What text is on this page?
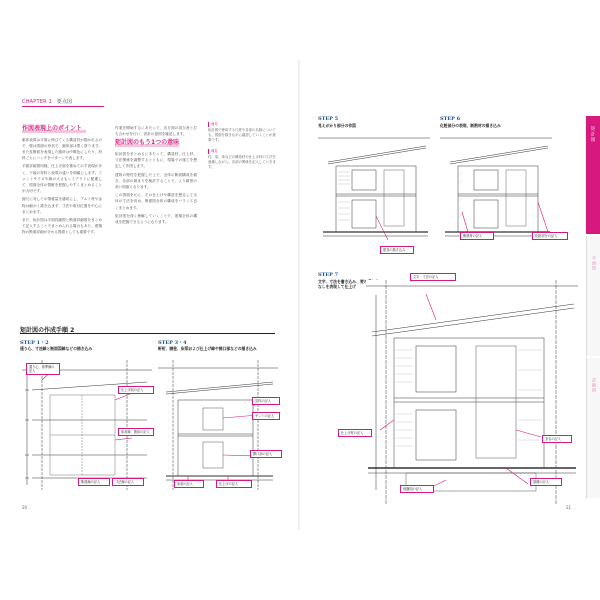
CHAPTER 1 要点図
作図表現上のポイント

躯体表現は平面に伸びてくる構造材が描かれるので、壁は図面の形状で、躯体部は黒く塗ります。また柱断面を表現した箇所は中間色にしたり、材料ごとにハッチをパターンで表します。

平面詳細図同様、仕上げ面を重ねて示す表現が多く、下地の材料と表現の違いを明確にします。フォントサイズや線の太さもレイアウトに配慮して、図面全体の情報を把握しやすくまとめることが大切です。

縮尺に対しての情報量を適切にし、アルミ材や金物は細かく描き込まず、寸法や取付位置を中心にまとめます。

また、矩計図は平面詳細図と断面詳細図をまとめて記入することでまとめられる場合もあり、建築物の断面詳細が分かる図面としても重要です。

作業を開始するにあたって、各方面の担当者と打ち合わせを行い、設計の意図を確認します。

矩計図のもう1つの意味

矩計図をまとめるにあたって、構造材、仕上材、寸法関係を調整するとともに、現場での施工を想定して作図します。

建物の特性を把握した上で、全体の断面構成を描き、各部の納まりを検討することで、より精度の高い図面となります。

この図面を元に、その仕上げや構造を想定して全体の寸法を決め、断面図全体の構成をバランス良くまとめます。

矩計図を深く理解していくことで、建築全体の構成を把握できるようになります。

補足
矩計図で使用する尺度や各部の名称についても、図面を描きながら確認していくことが重要です。
補足
柱、梁、床などの構造材や仕上げ材の寸法を意識しながら、各部の関係を記入していきます。
矩計図の作成手順 2
STEP 1・2
通り心、寸法線と断面図線などの描き込み
STEP 3・4
軒桁、胴差、床梁および仕上げ線や開口部などの描き込み
通り心、基準線の記入
仕上げ面の記入
床高線、階高の記入
断面線の記入	寸法線の記入
窓枠の記入
サッシの記入
開口部の記入
床梁の記入	仕上げの記入
20
STEP 5
見えがかり部分の作図
STEP 6
化粧部分の表現、断熱材の描き込み
建具の描き込み
断熱材の記入	化粧部分の記入
STEP 7
文字、寸法を書き込み、要の通りうなしを表現して仕上げ
文字・寸法の記入
仕上げ材の記入
室名の記入
基礎の記入
地盤面の記入
矩計図
平面図
詳細図
21
